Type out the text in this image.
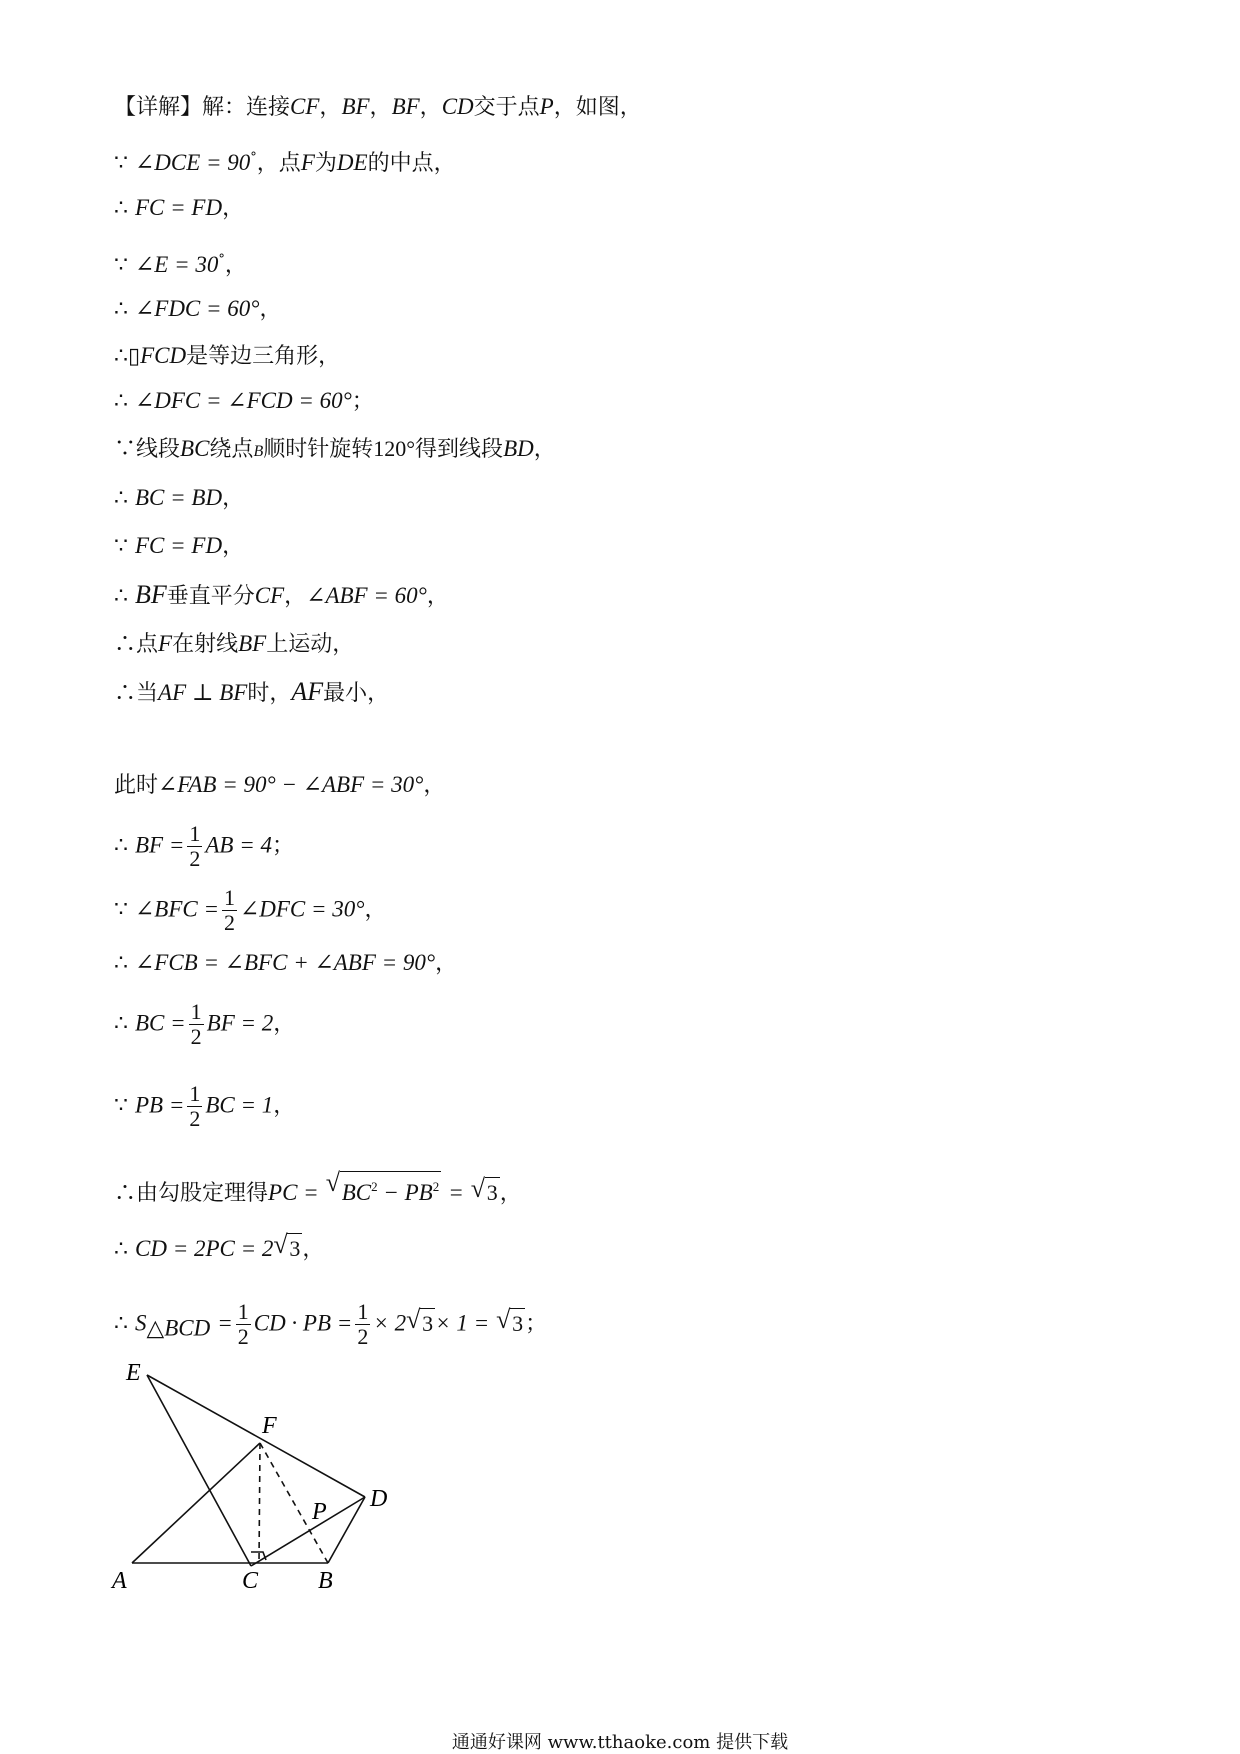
【详解】解：连接CF，BF，BF，CD交于点P，如图，
∵ ∠DCE = 90°，点F为DE的中点，
∴ FC = FD，
∵ ∠E = 30°，
∴ ∠FDC = 60°，
∴▯FCD是等边三角形，
∴ ∠DFC = ∠FCD = 60°；
∵线段BC绕点B顺时针旋转120°得到线段BD，
∴ BC = BD，
∵ FC = FD，
∴ BF垂直平分CF，∠ABF = 60°，
∴点F在射线BF上运动，
∴当AF ⊥ BF时，AF最小，
此时∠FAB = 90° − ∠ABF = 30°，
∴ BF = $\frac{1}{2}$ AB = 4；
∵ ∠BFC = $\frac{1}{2}$ ∠DFC = 30°，
∴ ∠FCB = ∠BFC + ∠ABF = 90°，
∴ BC = $\frac{1}{2}$ BF = 2，
∵ PB = $\frac{1}{2}$ BC = 1，
∴由勾股定理得PC = √ $BC^2 - PB^2$ = √ 3，
∴ CD = 2PC = 2√ 3，
∴ $S_{\triangle BCD} = \frac{1}{2}$ CD · PB = $\frac{1}{2} \times 2√$ 3× 1 = √ 3；
E
F
D
P
A	C B
通通好课网 www.tthaoke.com 提供下载
